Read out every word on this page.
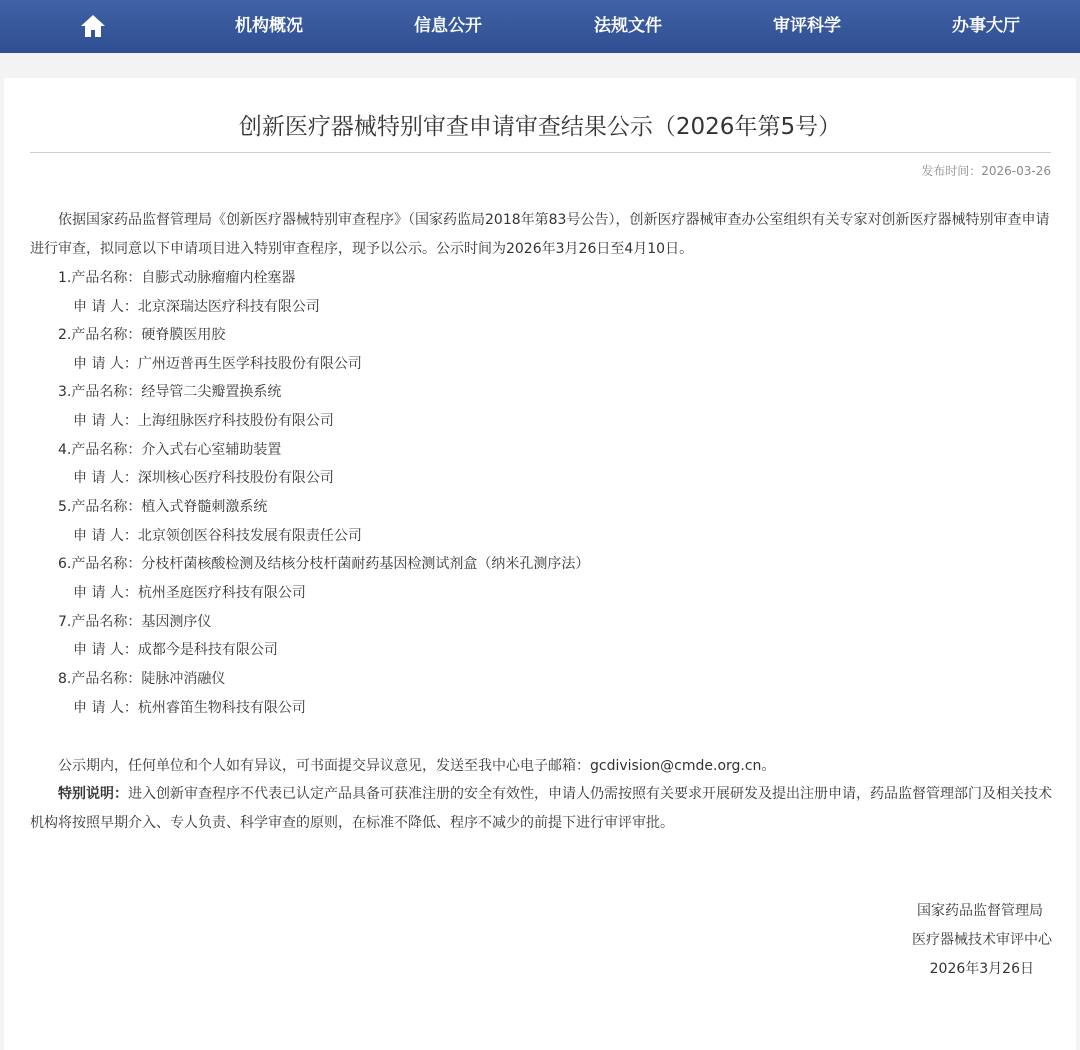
机构概况	信息公开	法规文件	审评科学	办事大厅
创新医疗器械特别审查申请审查结果公示（2026年第5号）
发布时间：2026-03-26
依据国家药品监督管理局《创新医疗器械特别审查程序》（国家药监局2018年第83号公告），创新医疗器械审查办公室组织有关专家对创新医疗器械特别审查申请进行审查，拟同意以下申请项目进入特别审查程序，现予以公示。公示时间为2026年3月26日至4月10日。
1.产品名称：自膨式动脉瘤瘤内栓塞器
申 请 人：北京深瑞达医疗科技有限公司
2.产品名称：硬脊膜医用胶
申 请 人：广州迈普再生医学科技股份有限公司
3.产品名称：经导管二尖瓣置换系统
申 请 人：上海纽脉医疗科技股份有限公司
4.产品名称：介入式右心室辅助装置
申 请 人：深圳核心医疗科技股份有限公司
5.产品名称：植入式脊髓刺激系统
申 请 人：北京领创医谷科技发展有限责任公司
6.产品名称：分枝杆菌核酸检测及结核分枝杆菌耐药基因检测试剂盒（纳米孔测序法）
申 请 人：杭州圣庭医疗科技有限公司
7.产品名称：基因测序仪
申 请 人：成都今是科技有限公司
8.产品名称：陡脉冲消融仪
申 请 人：杭州睿笛生物科技有限公司
公示期内，任何单位和个人如有异议，可书面提交异议意见，发送至我中心电子邮箱：gcdivision@cmde.org.cn。
特别说明：进入创新审查程序不代表已认定产品具备可获准注册的安全有效性，申请人仍需按照有关要求开展研发及提出注册申请，药品监督管理部门及相关技术机构将按照早期介入、专人负责、科学审查的原则，在标准不降低、程序不减少的前提下进行审评审批。
国家药品监督管理局
医疗器械技术审评中心
2026年3月26日
